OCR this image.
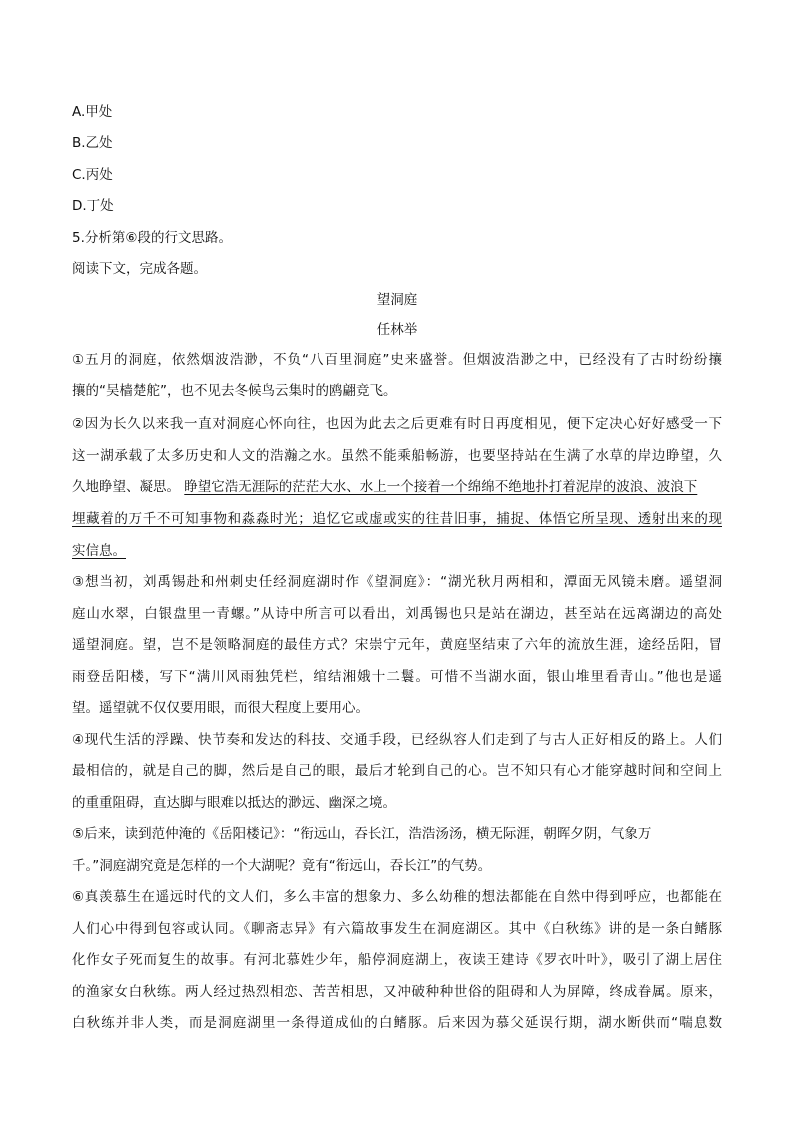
A.甲处
B.乙处
C.丙处
D.丁处
5.分析第⑥段的行文思路。
阅读下文，完成各题。
望洞庭
任林举
①五月的洞庭，依然烟波浩渺，不负“八百里洞庭”史来盛誉。但烟波浩渺之中，已经没有了古时纷纷攘
攘的“吴樯楚舵”，也不见去冬候鸟云集时的鸥翩竞飞。
②因为长久以来我一直对洞庭心怀向往，也因为此去之后更难有时日再度相见，便下定决心好好感受一下
这一湖承载了太多历史和人文的浩瀚之水。虽然不能乘船畅游，也要坚持站在生满了水草的岸边睁望，久
久地睁望、凝思。 睁望它浩无涯际的茫茫大水、水上一个接着一个绵绵不绝地扑打着泥岸的波浪、波浪下
埋藏着的万千不可知事物和淼淼时光；追忆它或虚或实的往昔旧事，捕捉、体悟它所呈现、透射出来的现
实信息。
③想当初，刘禹锡赴和州刺史任经洞庭湖时作《望洞庭》：“湖光秋月两相和，潭面无风镜未磨。遥望洞
庭山水翠，白银盘里一青螺。”从诗中所言可以看出，刘禹锡也只是站在湖边，甚至站在远离湖边的高处
遥望洞庭。望，岂不是领略洞庭的最佳方式？宋崇宁元年，黄庭坚结束了六年的流放生涯，途经岳阳，冒
雨登岳阳楼，写下“满川风雨独凭栏，绾结湘娥十二鬟。可惜不当湖水面，银山堆里看青山。”他也是遥
望。遥望就不仅仅要用眼，而很大程度上要用心。
④现代生活的浮躁、快节奏和发达的科技、交通手段，已经纵容人们走到了与古人正好相反的路上。人们
最相信的，就是自己的脚，然后是自己的眼，最后才轮到自己的心。岂不知只有心才能穿越时间和空间上
的重重阻碍，直达脚与眼难以抵达的渺远、幽深之境。
⑤后来，读到范仲淹的《岳阳楼记》：“衔远山，吞长江，浩浩汤汤，横无际涯，朝晖夕阴，气象万
千。”洞庭湖究竟是怎样的一个大湖呢？竟有“衔远山，吞长江”的气势。
⑥真羡慕生在遥远时代的文人们，多么丰富的想象力、多么幼稚的想法都能在自然中得到呼应，也都能在
人们心中得到包容或认同。《聊斋志异》有六篇故事发生在洞庭湖区。其中《白秋练》讲的是一条白鳍豚
化作女子死而复生的故事。有河北慕姓少年，船停洞庭湖上，夜读王建诗《罗衣叶叶》，吸引了湖上居住
的渔家女白秋练。两人经过热烈相恋、苦苦相思，又冲破种种世俗的阻碍和人为屏障，终成眷属。原来，
白秋练并非人类，而是洞庭湖里一条得道成仙的白鳍豚。后来因为慕父延误行期，湖水断供而“喘息数
